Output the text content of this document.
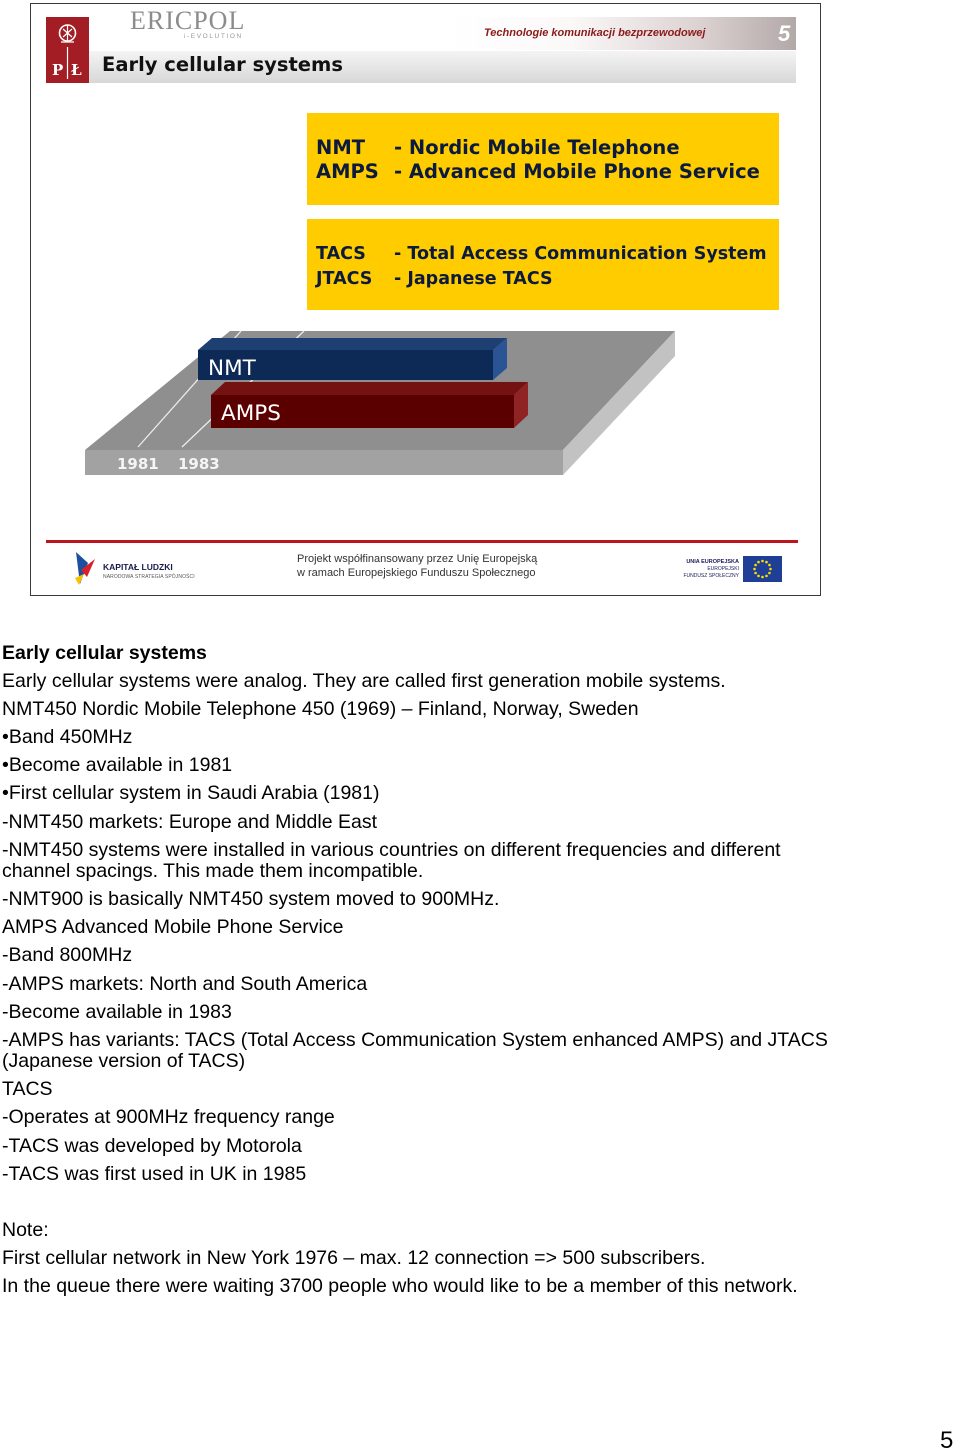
P Ł
ERICPOL
i-EVOLUTION	Technologie komunikacji bezprzewodowej	5
Early cellular systems
NMT - Nordic Mobile Telephone
AMPS - Advanced Mobile Phone Service
TACS - Total Access Communication System
JTACS - Japanese TACS
NMT
AMPS
1981 1983
KAPITAŁ LUDZKI
NARODOWA STRATEGIA SPÓJNOŚCI
Projekt współfinansowany przez Unię Europejską
w ramach Europejskiego Funduszu Społecznego
UNIA EUROPEJSKA
EUROPEJSKI
FUNDUSZ SPOŁECZNY
Early cellular systems
Early cellular systems were analog. They are called first generation mobile systems.
NMT450 Nordic Mobile Telephone 450 (1969) – Finland, Norway, Sweden
•Band 450MHz
•Become available in 1981
•First cellular system in Saudi Arabia (1981)
-NMT450 markets: Europe and Middle East
-NMT450 systems were installed in various countries on different frequencies and different
channel spacings. This made them incompatible.
-NMT900 is basically NMT450 system moved to 900MHz.
AMPS Advanced Mobile Phone Service
-Band 800MHz
-AMPS markets: North and South America
-Become available in 1983
-AMPS has variants: TACS (Total Access Communication System enhanced AMPS) and JTACS
(Japanese version of TACS)
TACS
-Operates at 900MHz frequency range
-TACS was developed by Motorola
-TACS was first used in UK in 1985
Note:
First cellular network in New York 1976 – max. 12 connection => 500 subscribers.
In the queue there were waiting 3700 people who would like to be a member of this network.
5
